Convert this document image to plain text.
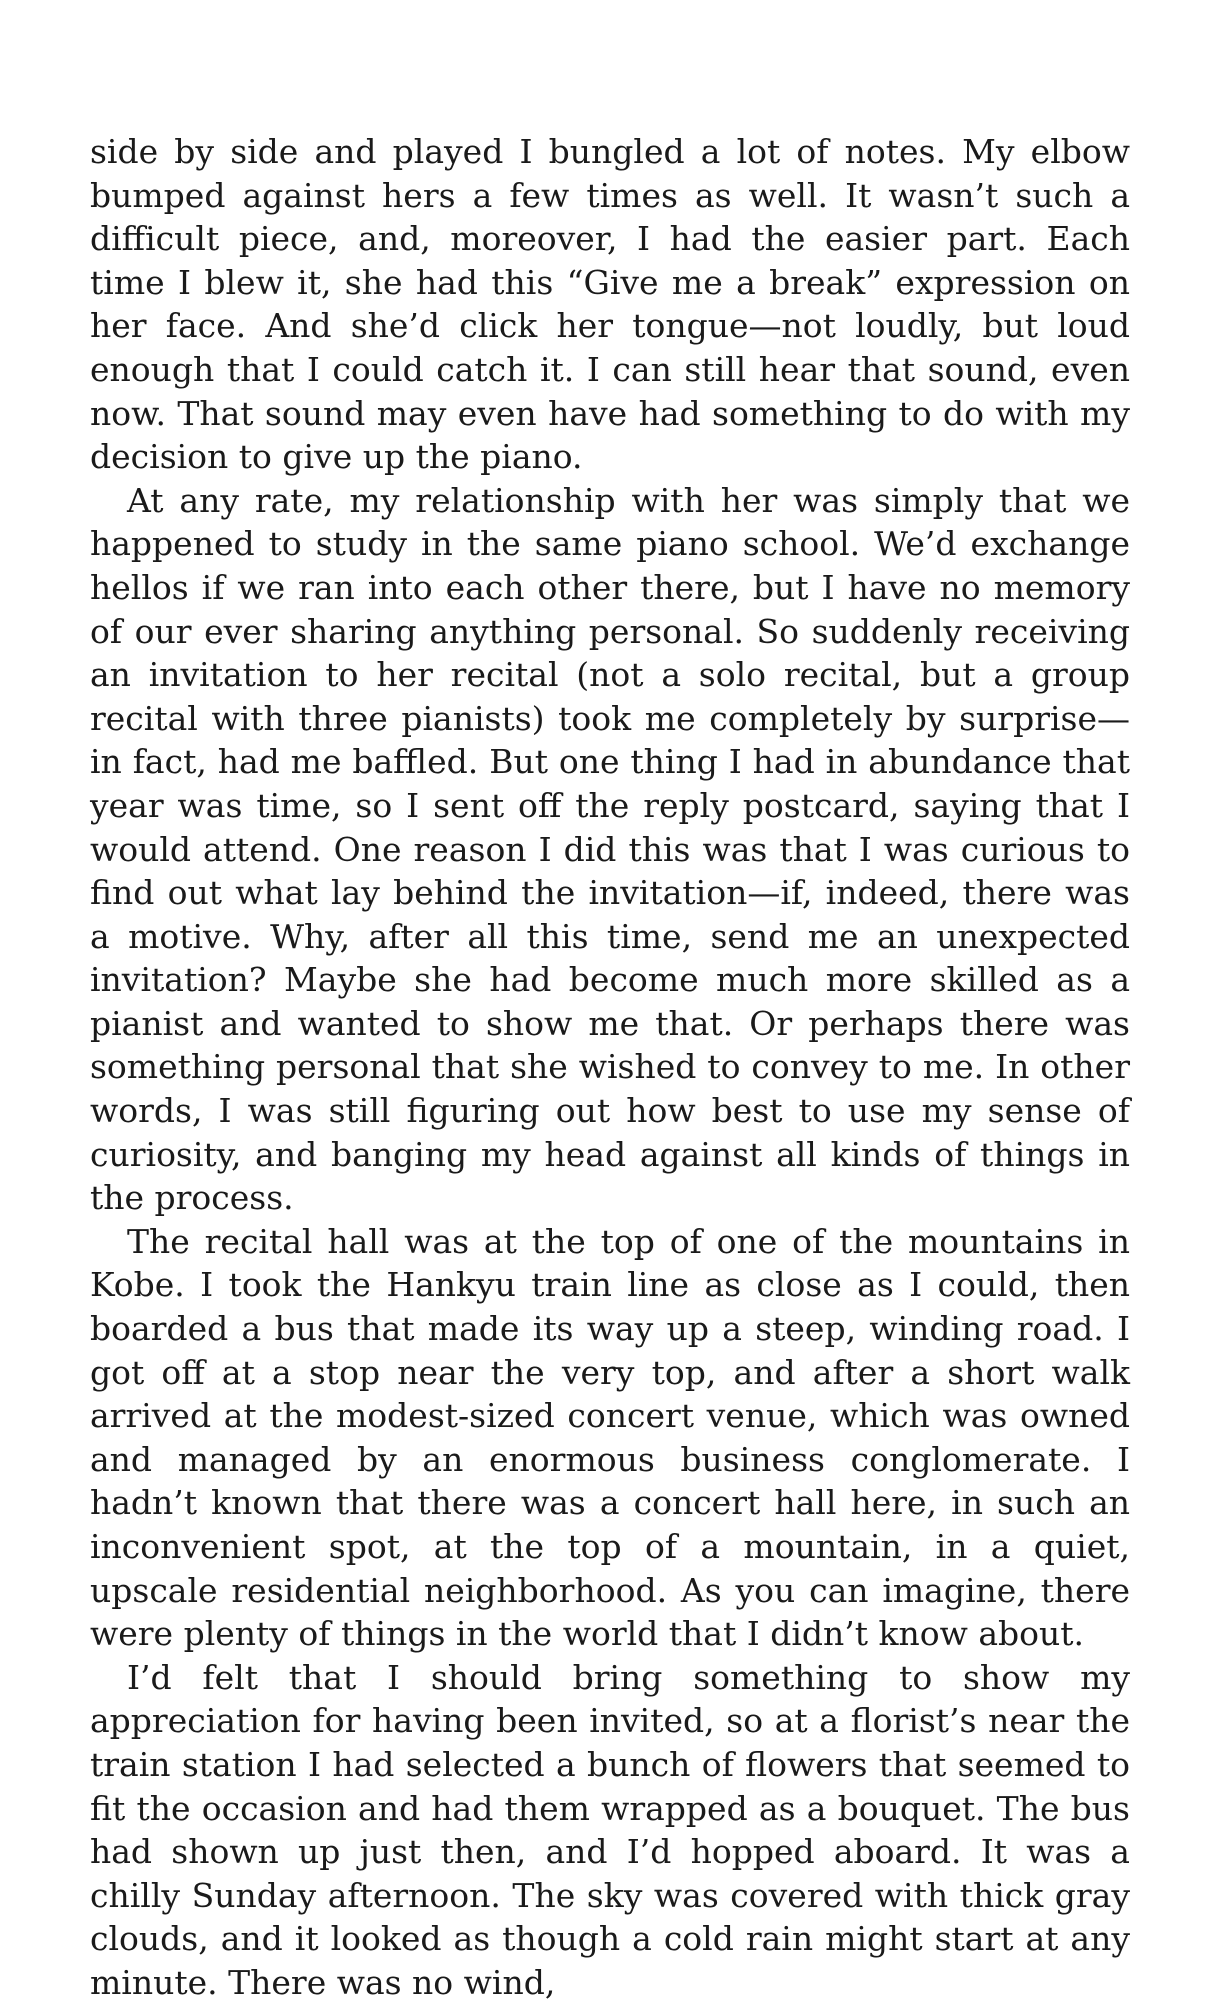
side by side and played I bungled a lot of notes. My elbow bumped against hers a few times as well. It wasn’t such a difficult piece, and, moreover, I had the easier part. Each time I blew it, she had this “Give me a break” expression on her face. And she’d click her tongue—not loudly, but loud enough that I could catch it. I can still hear that sound, even now. That sound may even have had something to do with my decision to give up the piano.

At any rate, my relationship with her was simply that we happened to study in the same piano school. We’d exchange hellos if we ran into each other there, but I have no memory of our ever sharing anything personal. So suddenly receiving an invitation to her recital (not a solo recital, but a group recital with three pianists) took me completely by surprise—in fact, had me baffled. But one thing I had in abundance that year was time, so I sent off the reply postcard, saying that I would attend. One reason I did this was that I was curious to find out what lay behind the invitation—if, indeed, there was a motive. Why, after all this time, send me an unexpected invitation? Maybe she had become much more skilled as a pianist and wanted to show me that. Or perhaps there was something personal that she wished to convey to me. In other words, I was still figuring out how best to use my sense of curiosity, and banging my head against all kinds of things in the process.

The recital hall was at the top of one of the mountains in Kobe. I took the Hankyu train line as close as I could, then boarded a bus that made its way up a steep, winding road. I got off at a stop near the very top, and after a short walk arrived at the modest-sized concert venue, which was owned and managed by an enormous business conglomerate. I hadn’t known that there was a concert hall here, in such an inconvenient spot, at the top of a mountain, in a quiet, upscale residential neighborhood. As you can imagine, there were plenty of things in the world that I didn’t know about.

I’d felt that I should bring something to show my appreciation for having been invited, so at a florist’s near the train station I had selected a bunch of flowers that seemed to fit the occasion and had them wrapped as a bouquet. The bus had shown up just then, and I’d hopped aboard. It was a chilly Sunday afternoon. The sky was covered with thick gray clouds, and it looked as though a cold rain might start at any minute. There was no wind,
